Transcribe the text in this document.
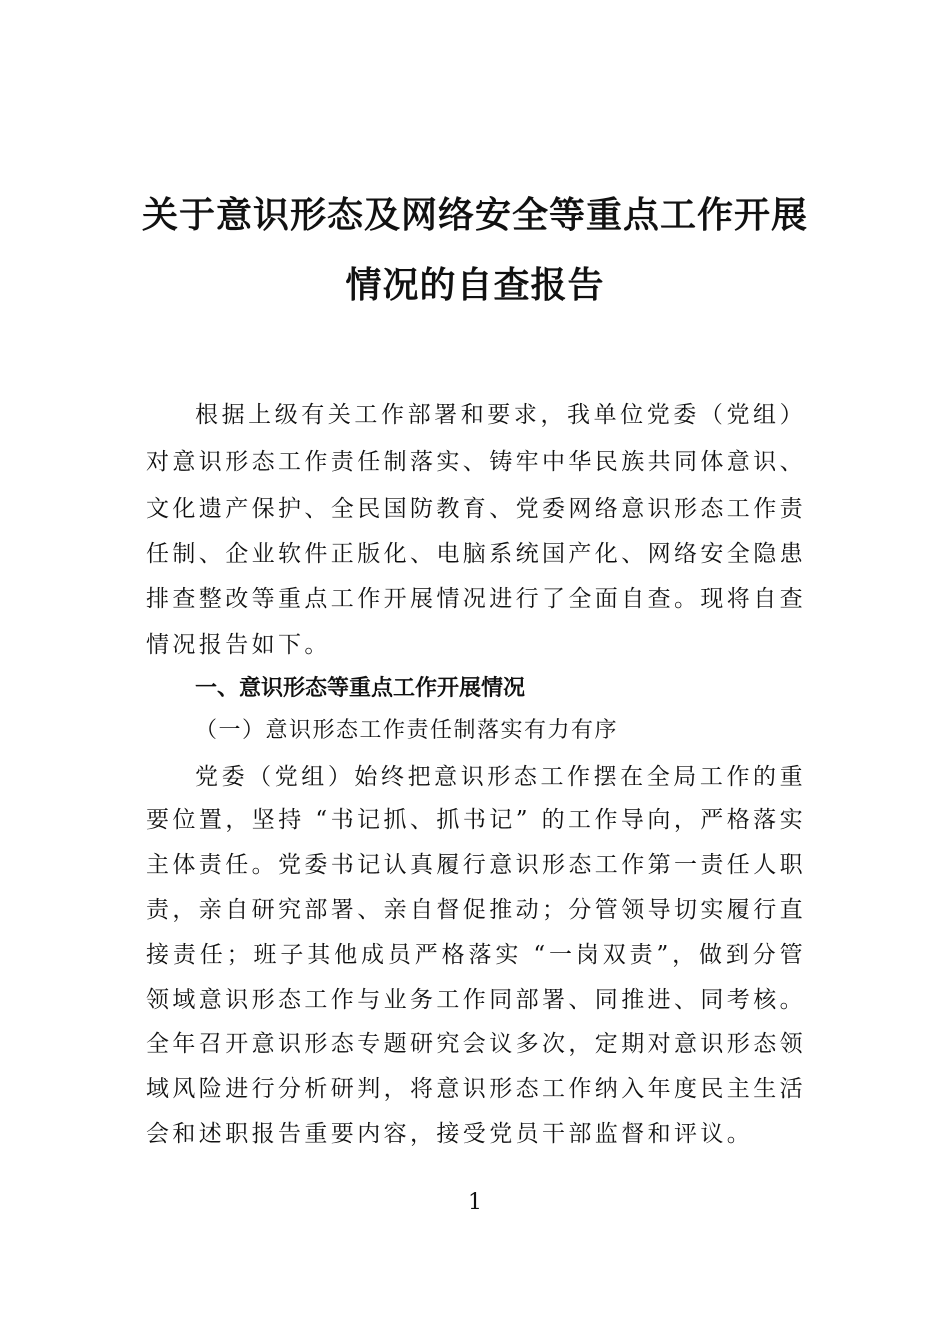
关于意识形态及网络安全等重点工作开展
情况的自查报告
根据上级有关工作部署和要求，我单位党委（党组）
对意识形态工作责任制落实、铸牢中华民族共同体意识、
文化遗产保护、全民国防教育、党委网络意识形态工作责
任制、企业软件正版化、电脑系统国产化、网络安全隐患
排查整改等重点工作开展情况进行了全面自查。现将自查
情况报告如下。
一、意识形态等重点工作开展情况
（一）意识形态工作责任制落实有力有序
党委（党组）始终把意识形态工作摆在全局工作的重
要位置，坚持 “书记抓、抓书记” 的工作导向，严格落实
主体责任。党委书记认真履行意识形态工作第一责任人职
责，亲自研究部署、亲自督促推动；分管领导切实履行直
接责任；班子其他成员严格落实 “一岗双责”，做到分管
领域意识形态工作与业务工作同部署、同推进、同考核。
全年召开意识形态专题研究会议多次，定期对意识形态领
域风险进行分析研判，将意识形态工作纳入年度民主生活
会和述职报告重要内容，接受党员干部监督和评议。
1
